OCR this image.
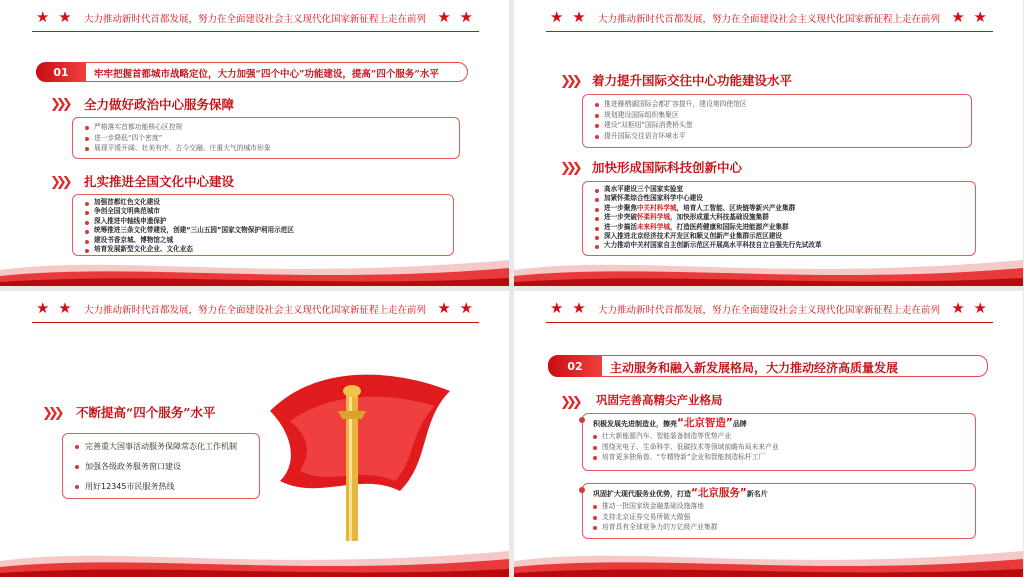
★ ★ 大力推动新时代首都发展，努力在全面建设社会主义现代化国家新征程上走在前列 ★ ★
01	牢牢把握首都城市战略定位，大力加强“四个中心”功能建设，提高“四个服务”水平
❯❯❯ 全力做好政治中心服务保障
严格落实首都功能核心区控规
进一步降低“四个密度”
展现平缓开阔、壮美有序、古今交融、庄重大气的城市形象
❯❯❯ 扎实推进全国文化中心建设
加强首都红色文化建设
争创全国文明典范城市
深入推进中轴线申遗保护
统筹推进三条文化带建设，创建“三山五园”国家文物保护利用示范区
建设书香京城、博物馆之城
培育发展新型文化企业、文化业态
★ ★ 大力推动新时代首都发展，努力在全面建设社会主义现代化国家新征程上走在前列 ★ ★
❯❯❯ 着力提升国际交往中心功能建设水平
推进雁栖湖国际会都扩容提升，建设第四使馆区
规划建设国际组织集聚区
建设“双枢纽”国际消费桥头堡
提升国际交往语言环境水平
❯❯❯ 加快形成国际科技创新中心
高水平建设三个国家实验室
加紧怀柔综合性国家科学中心建设
进一步聚焦中关村科学城，培育人工智能、区块链等新兴产业集群
进一步突破怀柔科学城，加快形成重大科技基础设施集群
进一步搞活未来科学城，打造医药健康和国际先进能源产业集群
深入推进北京经济技术开发区和顺义创新产业集群示范区建设
大力推动中关村国家自主创新示范区开展高水平科技自立自强先行先试改革
★ ★ 大力推动新时代首都发展，努力在全面建设社会主义现代化国家新征程上走在前列 ★ ★
❯❯❯ 不断提高“四个服务”水平
完善重大国事活动服务保障常态化工作机制
加强各级政务服务窗口建设
用好12345市民服务热线
★ ★ 大力推动新时代首都发展，努力在全面建设社会主义现代化国家新征程上走在前列 ★ ★
02	主动服务和融入新发展格局，大力推动经济高质量发展
❯❯❯ 巩固完善高精尖产业格局
积极发展先进制造业，擦亮“北京智造”品牌
壮大新能源汽车、智能装备制造等优势产业
围绕光电子、生命科学、低碳技术等领域前瞻布局未来产业
培育更多独角兽、“专精特新”企业和智能制造标杆工厂
巩固扩大现代服务业优势，打造“北京服务”新名片
推动一批国家级金融基础设施落地
支持北京证券交易所做大做强
培育具有全球竞争力的万亿级产业集群
